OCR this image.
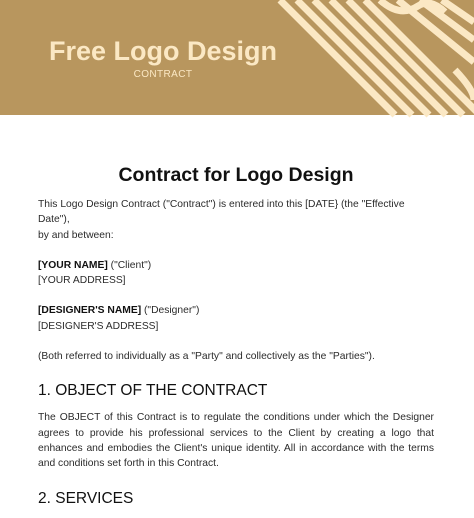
Free Logo Design
CONTRACT
Contract for Logo Design

This Logo Design Contract ("Contract") is entered into this [DATE} (the "Effective Date"),

by and between:

[YOUR NAME] ("Client")

[YOUR ADDRESS]

[DESIGNER'S NAME] ("Designer")

[DESIGNER'S ADDRESS]

(Both referred to individually as a "Party" and collectively as the "Parties").

1. OBJECT OF THE CONTRACT

The OBJECT of this Contract is to regulate the conditions under which the Designer agrees to provide his professional services to the Client by creating a logo that enhances and embodies the Client's unique identity. All in accordance with the terms and conditions set forth in this Contract.

2. SERVICES
